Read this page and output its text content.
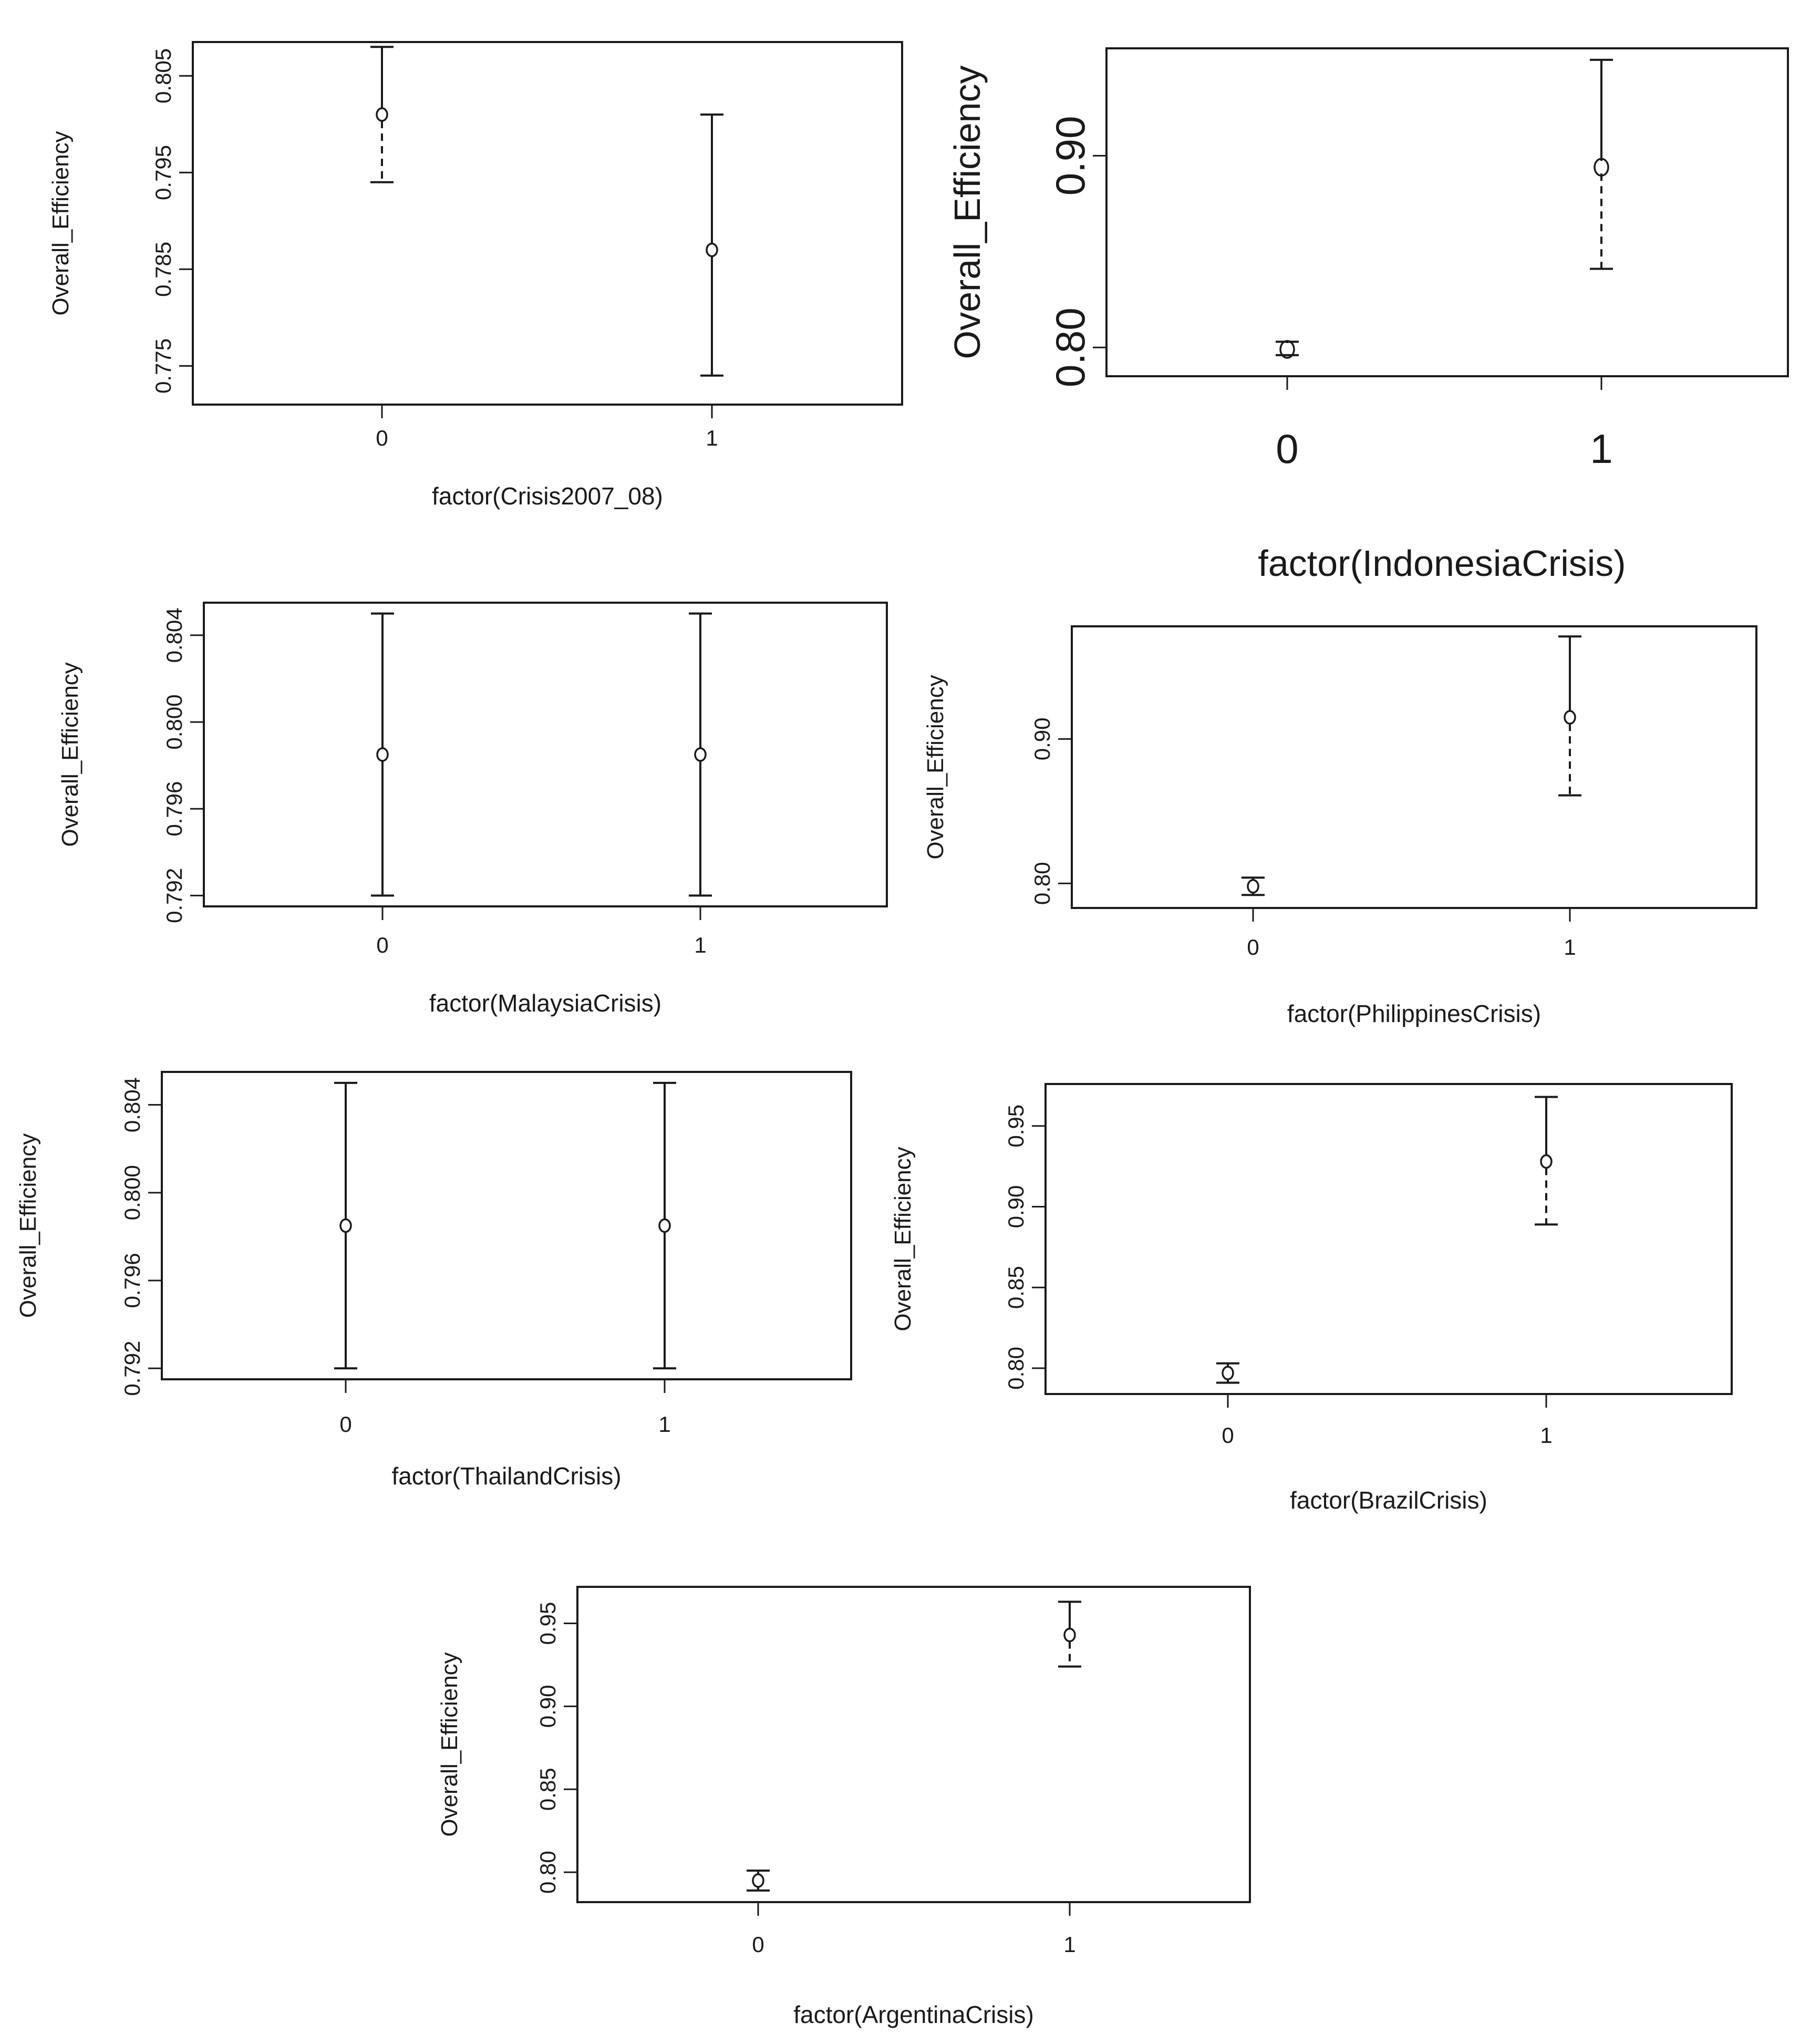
0.775
0.785
0.795
0.805
Overall_Efficiency
0	1
factor(Crisis2007_08)
0.80
0.90
Overall_Efficiency
0	1
factor(IndonesiaCrisis)
0.792
0.796
0.800
0.804
Overall_Efficiency
0	1
factor(MalaysiaCrisis)
0.80
0.90
Overall_Efficiency
0	1
factor(PhilippinesCrisis)
0.792
0.796
0.800
0.804
Overall_Efficiency
0	1
factor(ThailandCrisis)
0.80
0.85
0.90
0.95
Overall_Efficiency
0	1
factor(BrazilCrisis)
0.80
0.85
0.90
0.95
Overall_Efficiency
0	1
factor(ArgentinaCrisis)
